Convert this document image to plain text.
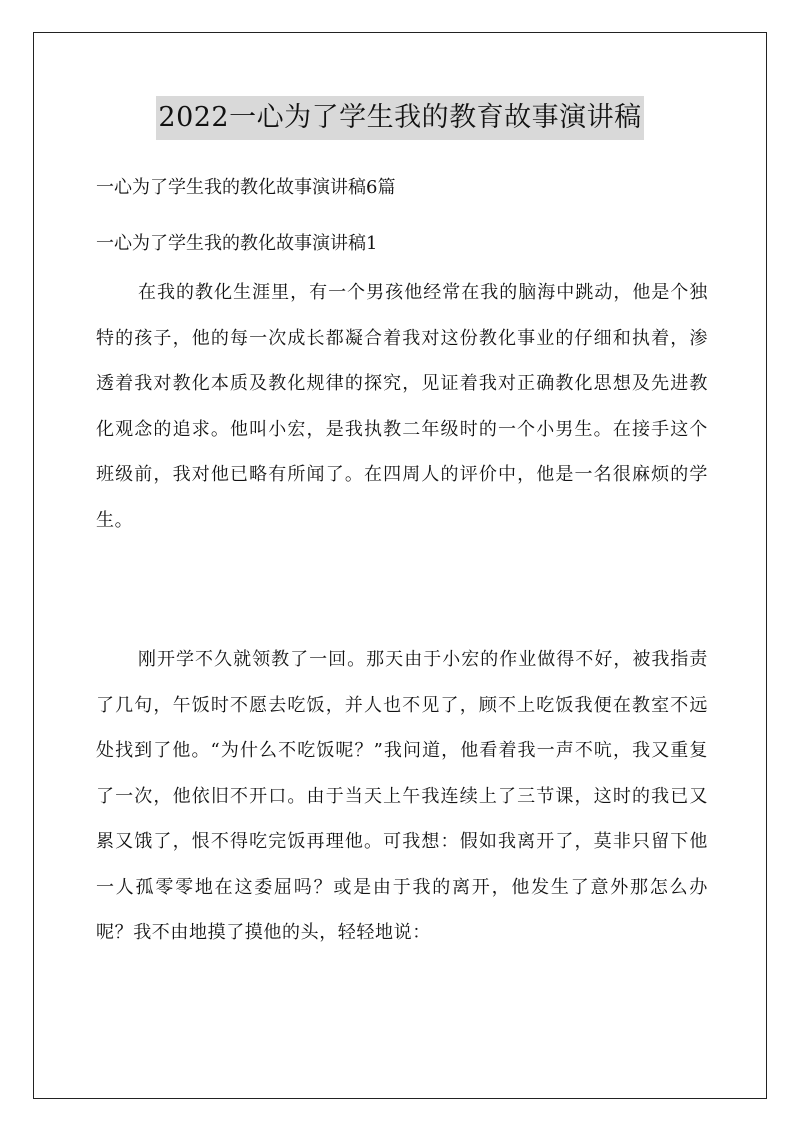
2022一心为了学生我的教育故事演讲稿
一心为了学生我的教化故事演讲稿6篇
一心为了学生我的教化故事演讲稿1
在我的教化生涯里，有一个男孩他经常在我的脑海中跳动，他是个独特的孩子，他的每一次成长都凝合着我对这份教化事业的仔细和执着，渗透着我对教化本质及教化规律的探究，见证着我对正确教化思想及先进教化观念的追求。他叫小宏，是我执教二年级时的一个小男生。在接手这个班级前，我对他已略有所闻了。在四周人的评价中，他是一名很麻烦的学生。
刚开学不久就领教了一回。那天由于小宏的作业做得不好，被我指责了几句，午饭时不愿去吃饭，并人也不见了，顾不上吃饭我便在教室不远处找到了他。“为什么不吃饭呢？”我问道，他看着我一声不吭，我又重复了一次，他依旧不开口。由于当天上午我连续上了三节课，这时的我已又累又饿了，恨不得吃完饭再理他。可我想：假如我离开了，莫非只留下他一人孤零零地在这委屈吗？或是由于我的离开，他发生了意外那怎么办呢？我不由地摸了摸他的头，轻轻地说：
